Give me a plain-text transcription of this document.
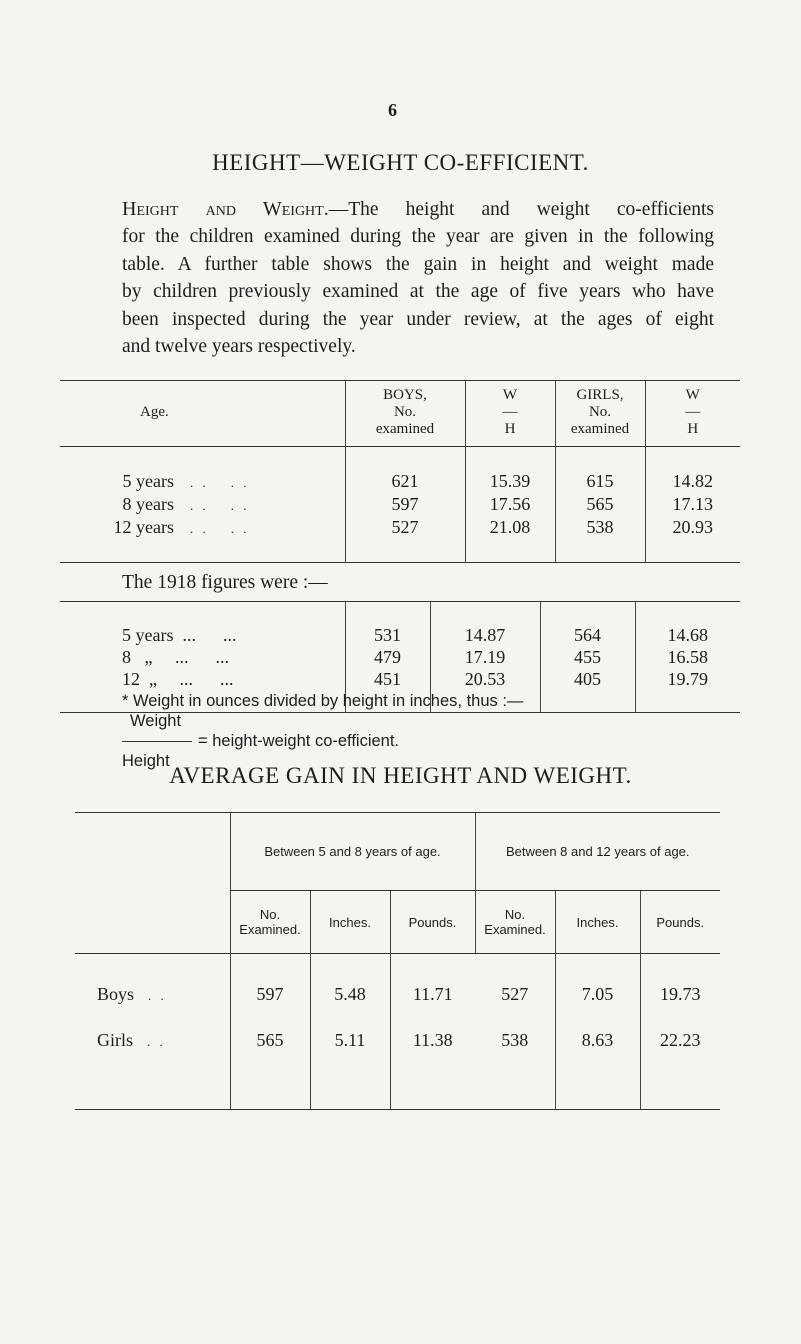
6
HEIGHT—WEIGHT CO-EFFICIENT.
Height and Weight.—The height and weight co-efficients
for the children examined during the year are given in the following
table. A further table shows the gain in height and weight made
by children previously examined at the age of five years who have
been inspected during the year under review, at the ages of eight
and twelve years respectively.
Age.	BOYS,
No.
examined	W
—
H	GIRLS,
No.
examined	W
—
H

5 years . . . .	621	15.39	615	14.82
8 years . . . .	597	17.56	565	17.13
12 years . . . .	527	21.08	538	20.93

The 1918 figures were :—

5 years  ...      ...	531	14.87	564	14.68
8   „     ...      ...	479	17.19	455	16.58
12  „     ...      ...	451	20.53	405	19.79

* Weight in ounces divided by height in inches, thus :—
Weight
= height-weight co-efficient.
Height
AVERAGE GAIN IN HEIGHT AND WEIGHT.

	Between 5 and 8 years of age.			Between 8 and 12 years of age.		

	No. Examined.	Inches.	Pounds.	No. Examined.	Inches.	Pounds.
Boys . .	597	5.48	11.71	527	7.05	19.73
Girls . .	565	5.11	11.38	538	8.63	22.23
